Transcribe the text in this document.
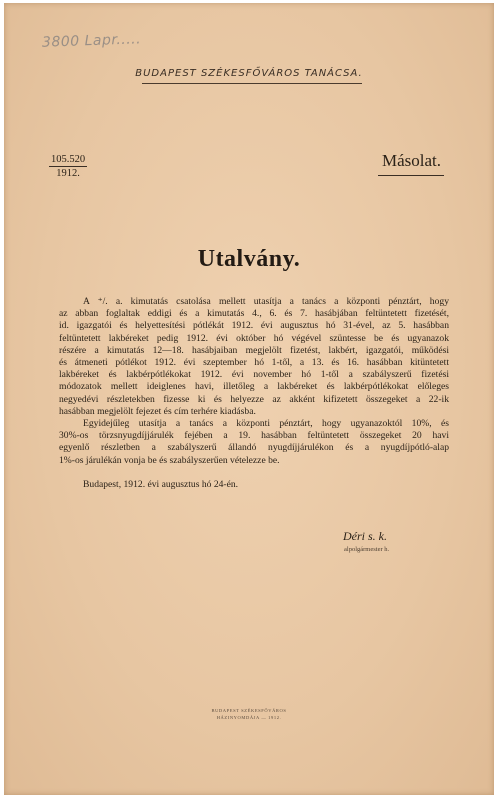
3800 Lapr.....
BUDAPEST SZÉKESFŐVÁROS TANÁCSA.
105.520
1912.
Másolat.
Utalvány.
A ⁺/. a. kimutatás csatolása mellett utasítja a tanács a központi pénztárt, hogy
az abban foglaltak eddigi és a kimutatás 4., 6. és 7. hasábjában feltüntetett fizetését,
id. igazgatói és helyettesítési pótlékát 1912. évi augusztus hó 31-ével, az 5. hasábban
feltüntetett lakbéreket pedig 1912. évi október hó végével szüntesse be és ugyanazok
részére a kimutatás 12—18. hasábjaiban megjelölt fizetést, lakbért, igazgatói, működési
és átmeneti pótlékot 1912. évi szeptember hó 1-től, a 13. és 16. hasábban kitüntetett
lakbéreket és lakbérpótlékokat 1912. évi november hó 1-től a szabályszerű fizetési
módozatok mellett ideiglenes havi, illetőleg a lakbéreket és lakbérpótlékokat előleges
negyedévi részletekben fizesse ki és helyezze az akként kifizetett összegeket a 22-ik
hasábban megjelölt fejezet és cím terhére kiadásba.
Egyidejűleg utasítja a tanács a központi pénztárt, hogy ugyanazoktól 10%, és
30%-os törzsnyugdíjjárulék fejében a 19. hasábban feltüntetett összegeket 20 havi
egyenlő részletben a szabályszerű állandó nyugdíjjárulékon és a nyugdíjpótló-alap
1%-os járulékán vonja be és szabályszerűen vételezze be.
Budapest, 1912. évi augusztus hó 24-én.
Déri s. k.
alpolgármester h.
BUDAPEST SZÉKESFŐVÁROS
HÁZINYOMDÁJA — 1912.
